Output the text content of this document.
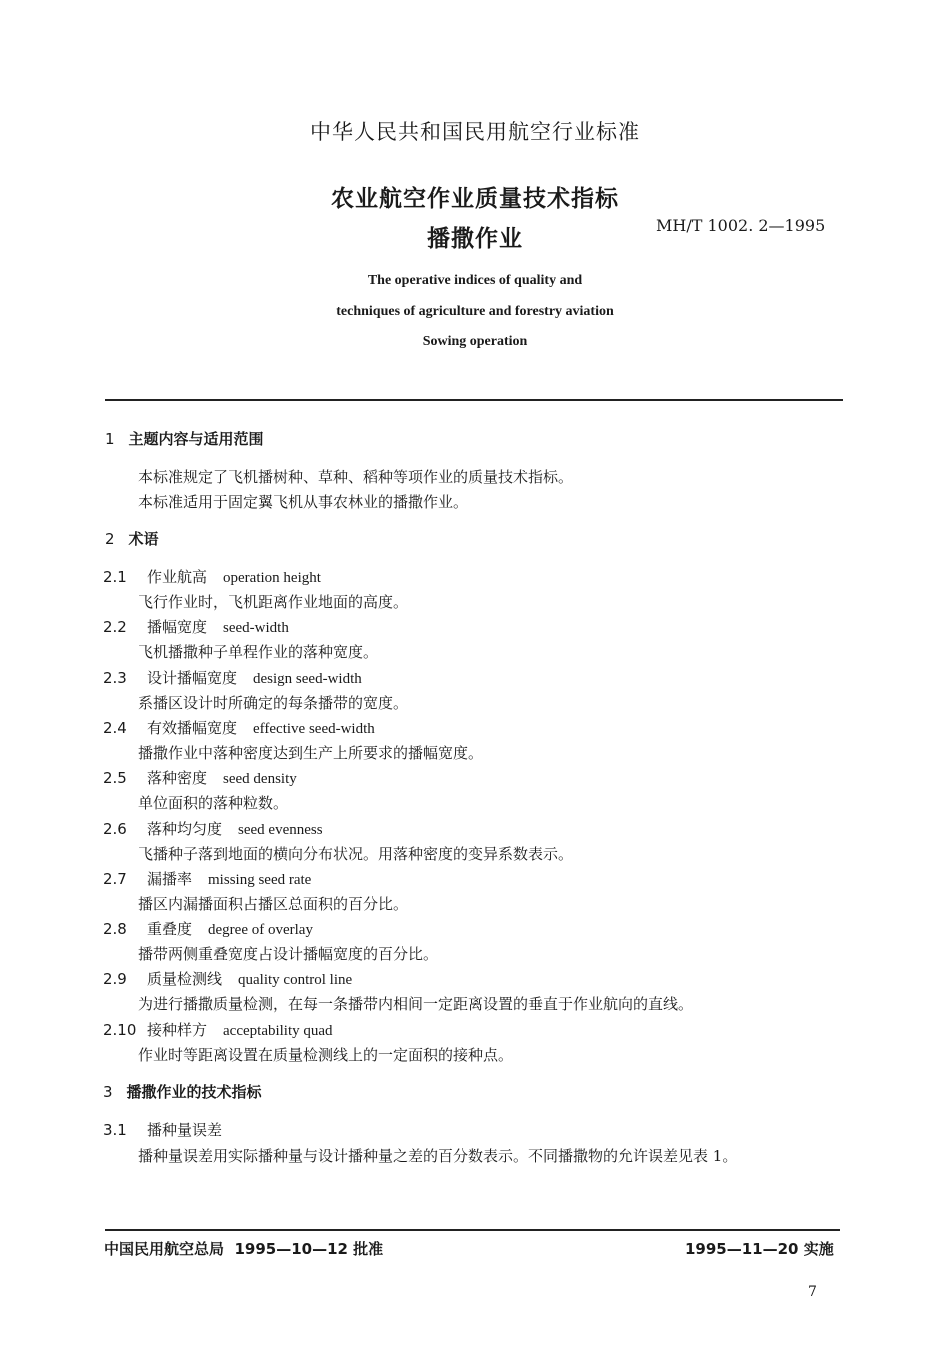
中华人民共和国民用航空行业标准
农业航空作业质量技术指标
播撒作业
MH/T 1002. 2—1995
The operative indices of quality and
techniques of agriculture and forestry aviation
Sowing operation
1 主题内容与适用范围
本标准规定了飞机播树种、草种、稻种等项作业的质量技术指标。
本标准适用于固定翼飞机从事农林业的播撒作业。
2 术语
2.1 作业航高 operation height
飞行作业时，飞机距离作业地面的高度。
2.2 播幅宽度 seed-width
飞机播撒种子单程作业的落种宽度。
2.3 设计播幅宽度 design seed-width
系播区设计时所确定的每条播带的宽度。
2.4 有效播幅宽度 effective seed-width
播撒作业中落种密度达到生产上所要求的播幅宽度。
2.5 落种密度 seed density
单位面积的落种粒数。
2.6 落种均匀度 seed evenness
飞播种子落到地面的横向分布状况。用落种密度的变异系数表示。
2.7 漏播率 missing seed rate
播区内漏播面积占播区总面积的百分比。
2.8 重叠度 degree of overlay
播带两侧重叠宽度占设计播幅宽度的百分比。
2.9 质量检测线 quality control line
为进行播撒质量检测，在每一条播带内相间一定距离设置的垂直于作业航向的直线。
2.10 接种样方 acceptability quad
作业时等距离设置在质量检测线上的一定面积的接种点。
3 播撒作业的技术指标
3.1 播种量误差
播种量误差用实际播种量与设计播种量之差的百分数表示。不同播撒物的允许误差见表 1。
中国民用航空总局 1995—10—12 批准	1995—11—20 实施
7
